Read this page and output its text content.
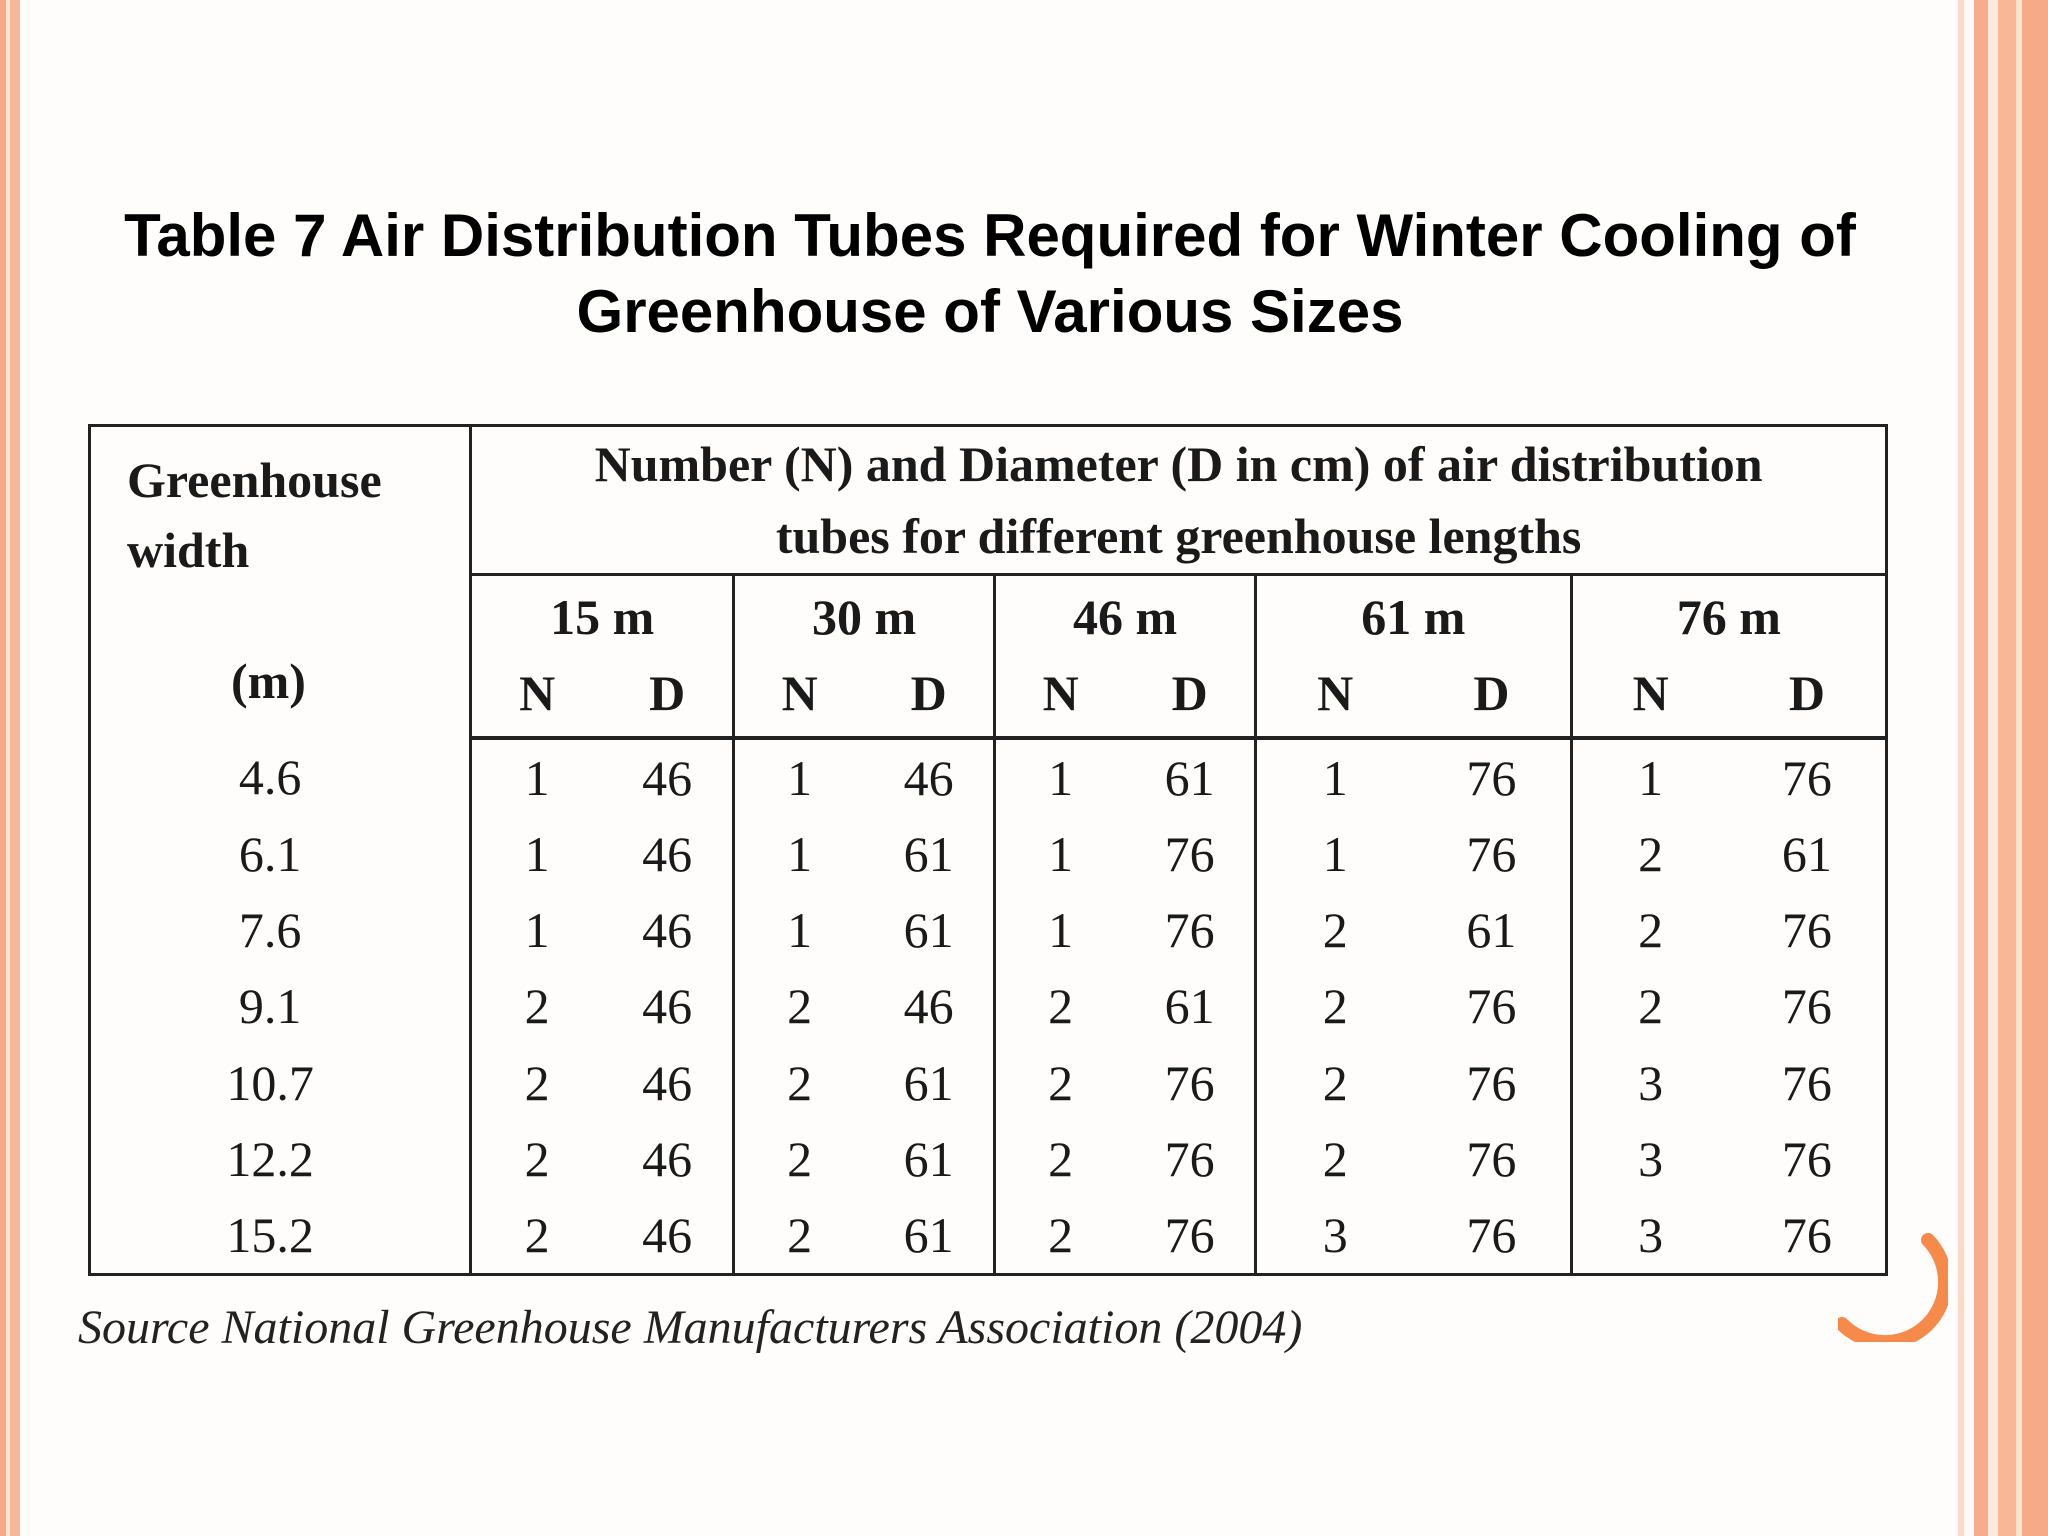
Table 7 Air Distribution Tubes Required for Winter Cooling of
Greenhouse of Various Sizes
Greenhouse
width
(m)	Number (N) and Diameter (D in cm) of air distribution
tubes for different greenhouse lengths				
	15 m	30 m	46 m	61 m	76 m
	N D	N D	N D	N D	N D
4.6	1 46	1 46	1 61	1 76	1 76
6.1	1 46	1 61	1 76	1 76	2 61
7.6	1 46	1 61	1 76	2 61	2 76
9.1	2 46	2 46	2 61	2 76	2 76
10.7	2 46	2 61	2 76	2 76	3 76
12.2	2 46	2 61	2 76	2 76	3 76
15.2	2 46	2 61	2 76	3 76	3 76
Source National Greenhouse Manufacturers Association (2004)
